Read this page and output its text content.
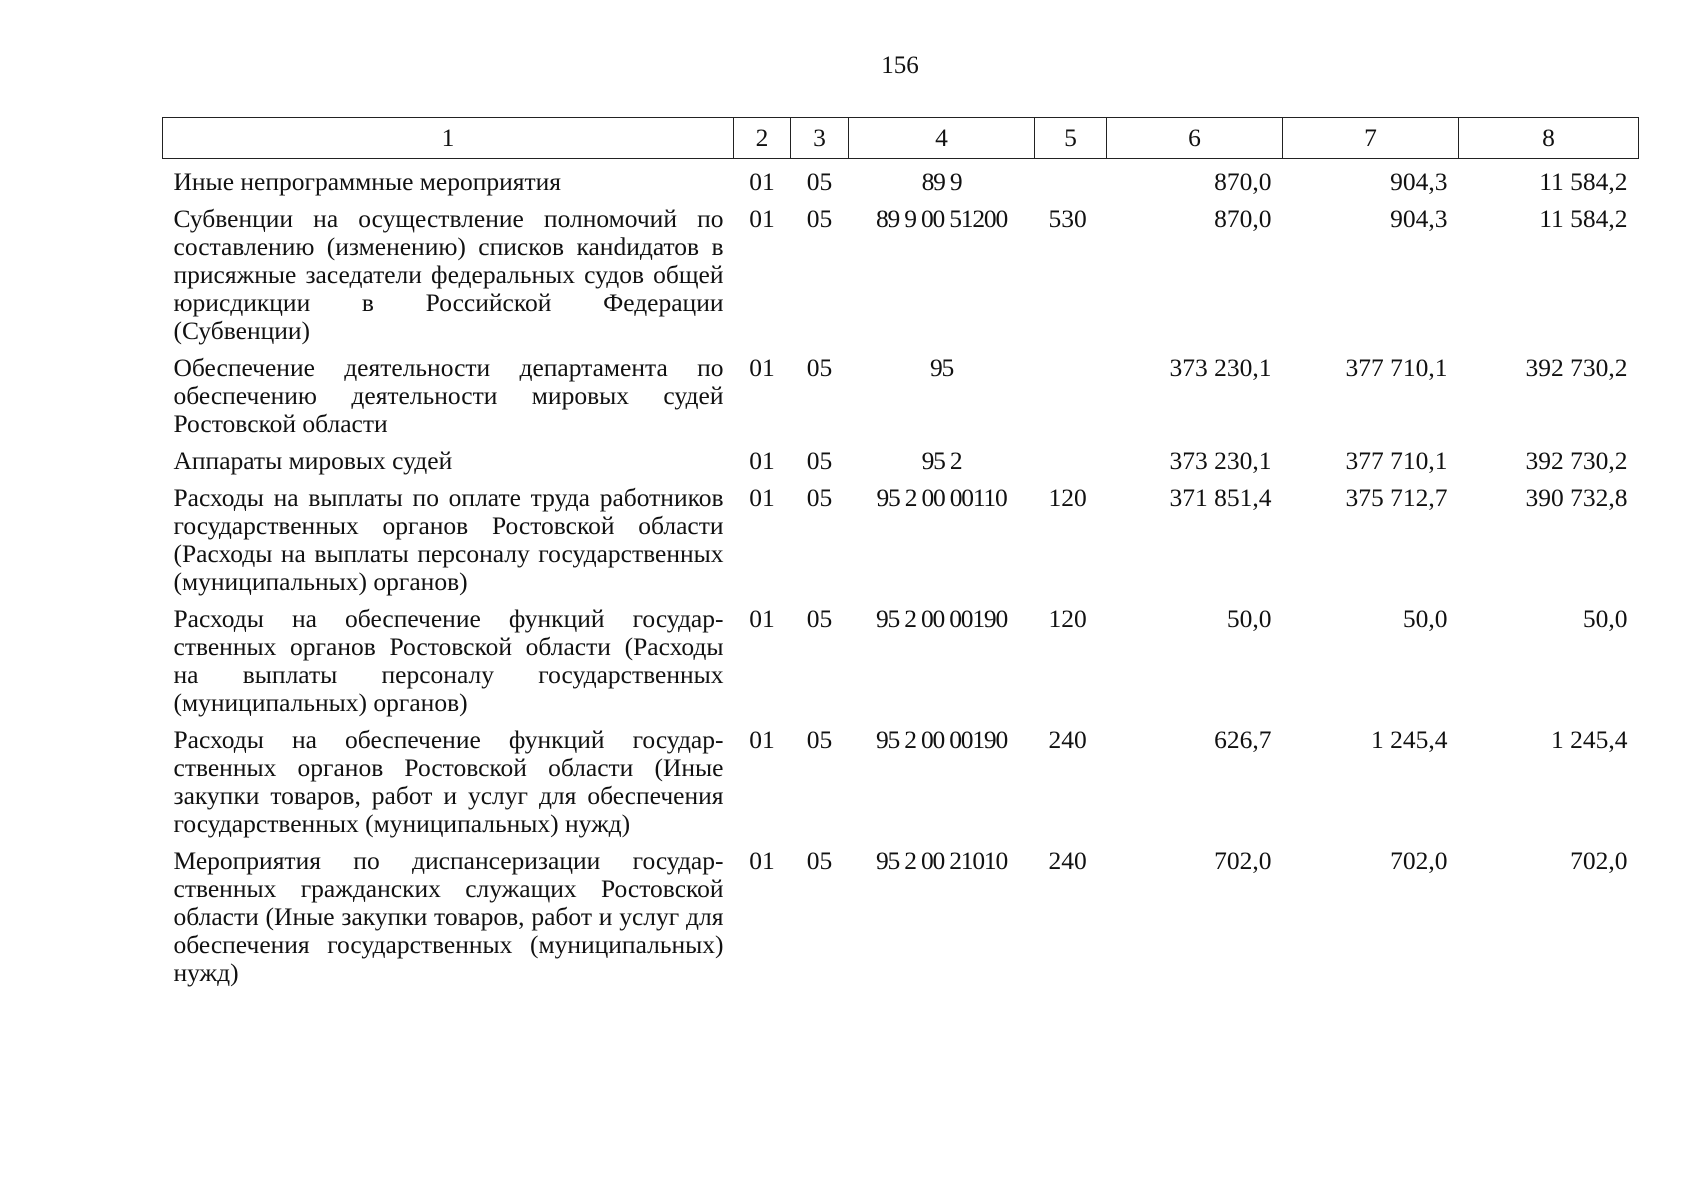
156
1	2	3	4	5	6	7	8
Иные непрограммные мероприятия	01	05	89 9		870,0	904,3	11 584,2
Субвенции на осуществление полномочий по составлению (изменению) списков канdидатов в присяжные заседатели федеральных судов общей юрисдикции в Российской Федерации (Субвенции)	01	05	89 9 00 51200	530	870,0	904,3	11 584,2
Обеспечение деятельности департамента по обеспечению деятельности мировых судей Ростовской области	01	05	95		373 230,1	377 710,1	392 730,2
Аппараты мировых судей	01	05	95 2		373 230,1	377 710,1	392 730,2
Расходы на выплаты по оплате труда работников государственных органов Ростовской области (Расходы на выплаты персоналу государственных (муниципальных) органов)	01	05	95 2 00 00110	120	371 851,4	375 712,7	390 732,8
Расходы на обеспечение функций государственных органов Ростовской области (Расходы на выплаты персоналу государственных (муниципальных) органов)	01	05	95 2 00 00190	120	50,0	50,0	50,0
Расходы на обеспечение функций государственных органов Ростовской области (Иные закупки товаров, работ и услуг для обеспечения государственных (муниципальных) нужд)	01	05	95 2 00 00190	240	626,7	1 245,4	1 245,4
Мероприятия по диспансеризации государственных гражданских служащих Ростовской области (Иные закупки товаров, работ и услуг для обеспечения государственных (муниципальных) нужд)	01	05	95 2 00 21010	240	702,0	702,0	702,0
